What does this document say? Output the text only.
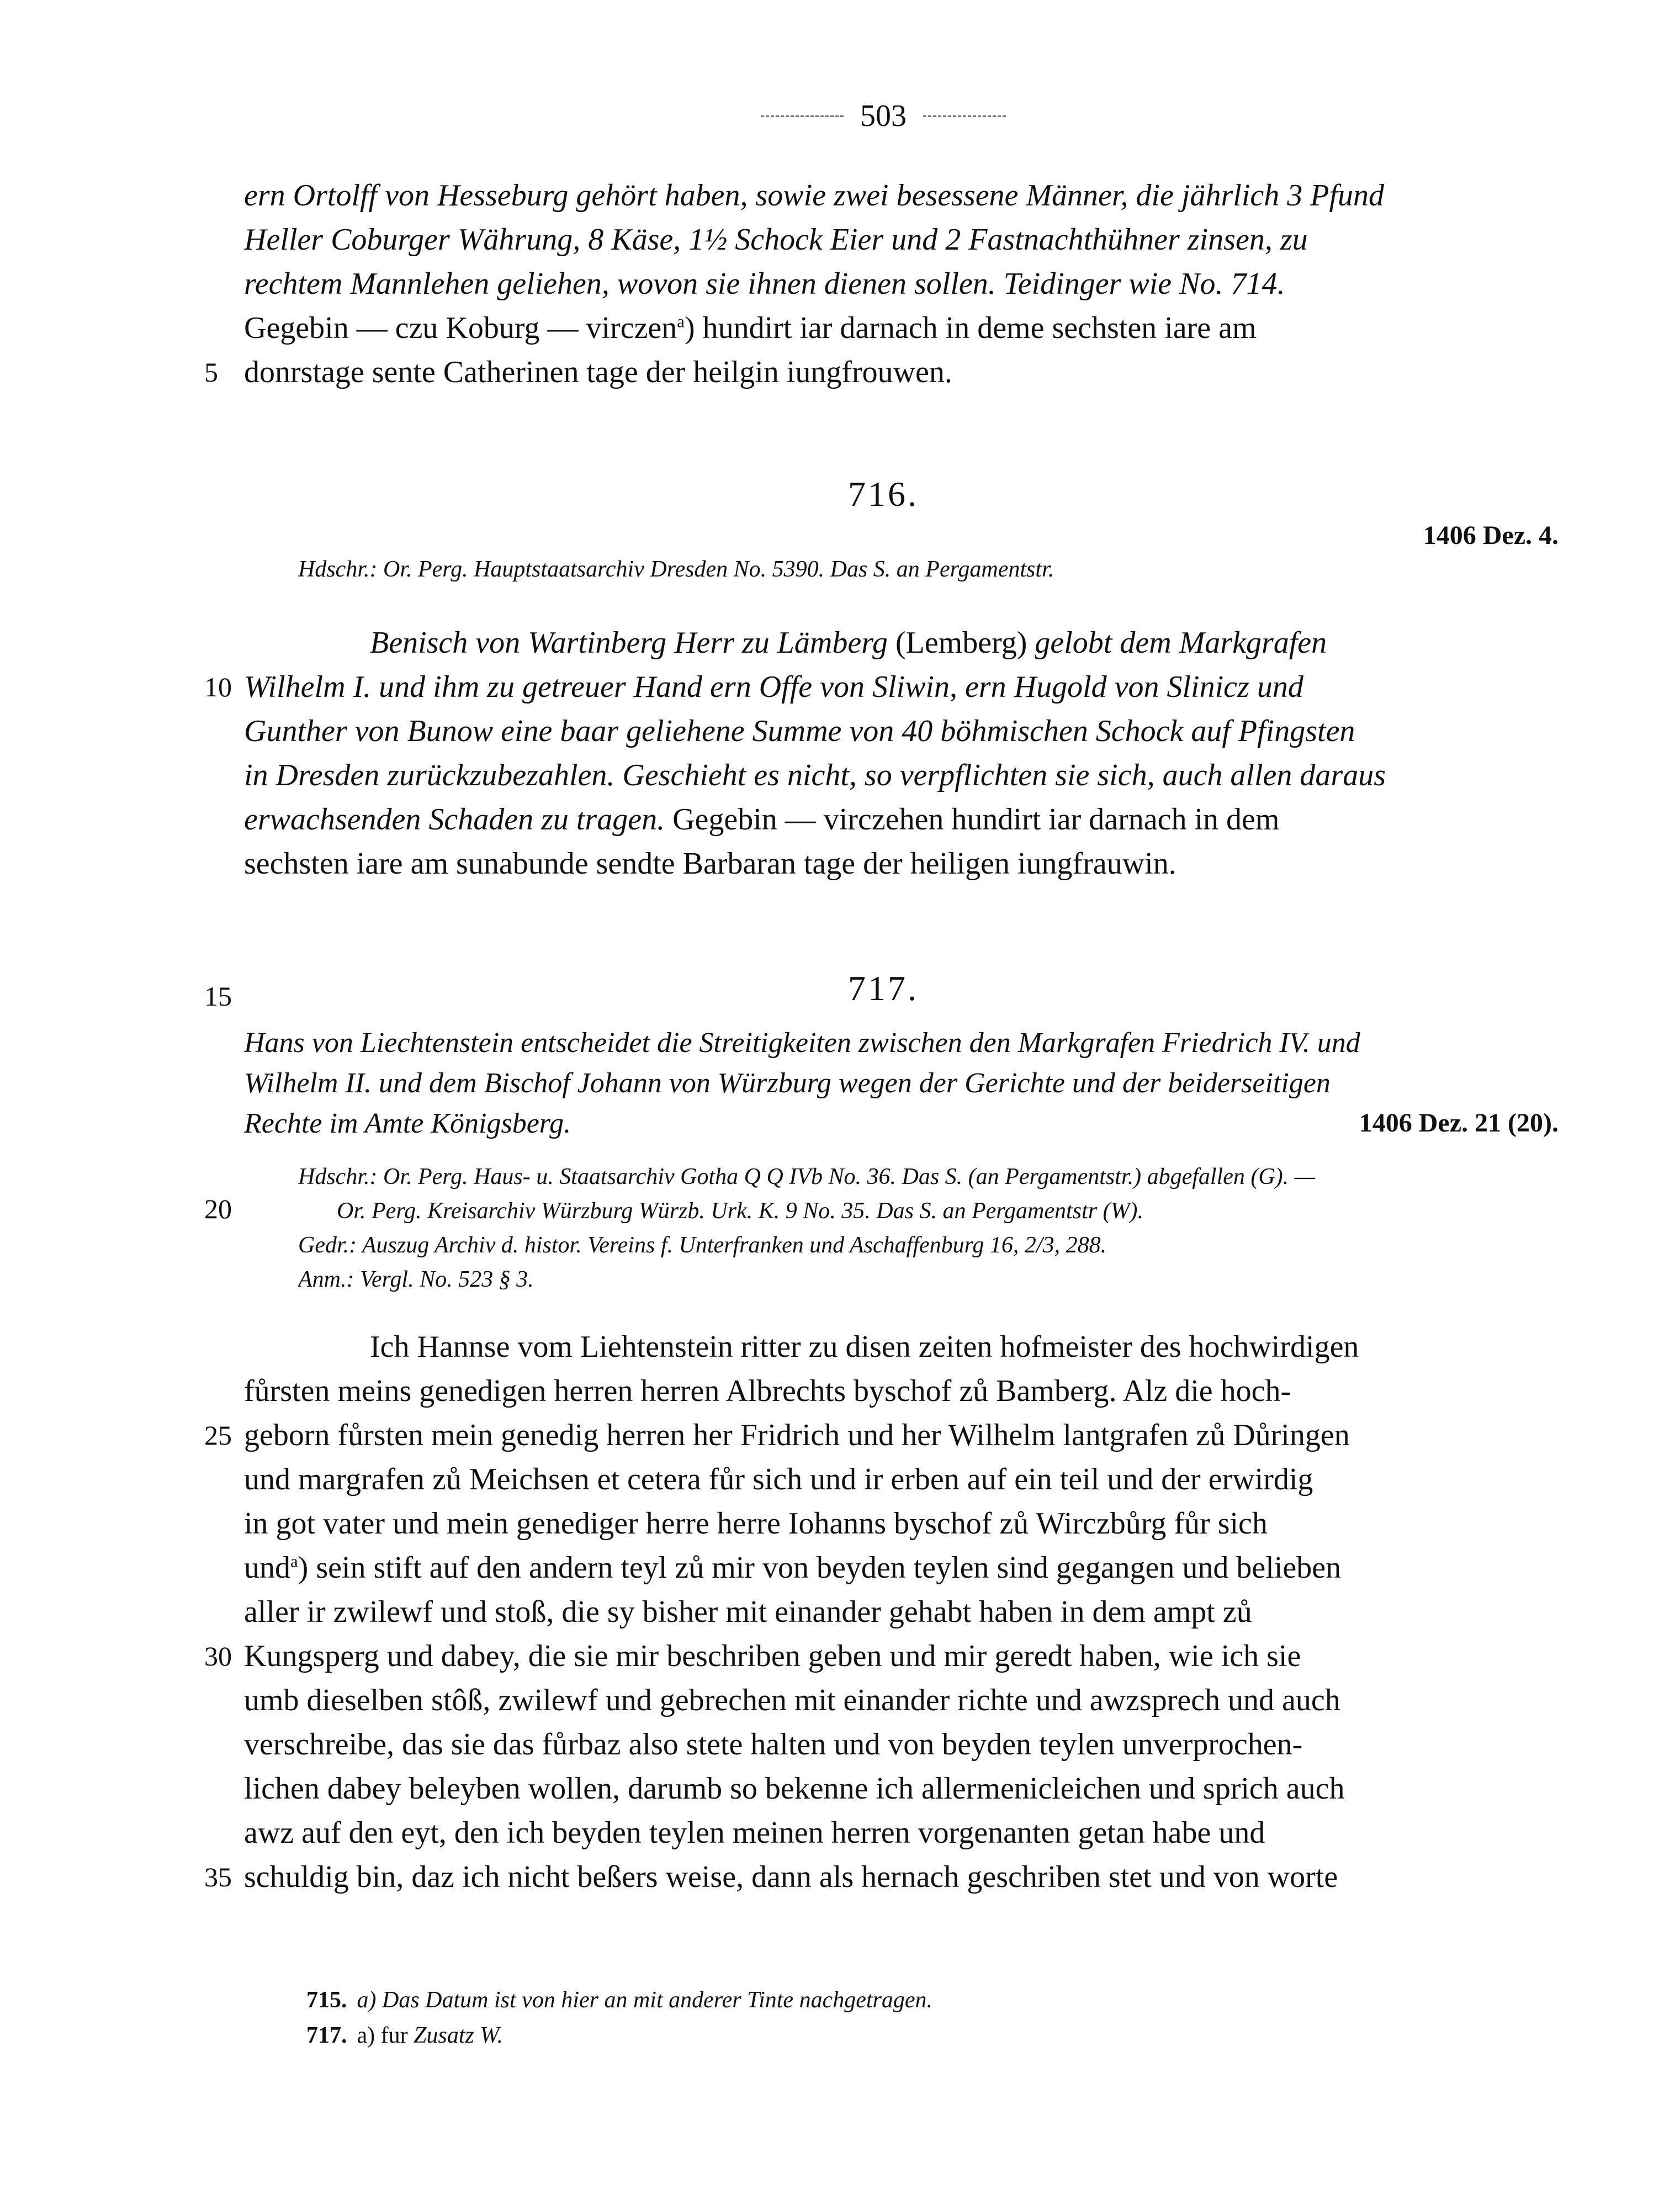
503
ern Ortolff von Hesseburg gehört haben, sowie zwei besessene Männer, die jährlich 3 Pfund
Heller Coburger Währung, 8 Käse, 1½ Schock Eier und 2 Fastnachthühner zinsen, zu
rechtem Mannlehen geliehen, wovon sie ihnen dienen sollen. Teidinger wie No. 714.
Gegebin — czu Koburg — virczen$^a$) hundirt iar darnach in deme sechsten iare am
5 donrstage sente Catherinen tage der heilgin iungfrouwen.
716.
1406 Dez. 4.
Hdschr.: Or. Perg. Hauptstaatsarchiv Dresden No. 5390. Das S. an Pergamentstr.
Benisch von Wartinberg Herr zu Lämberg (Lemberg) gelobt dem Markgrafen
10 Wilhelm I. und ihm zu getreuer Hand ern Offe von Sliwin, ern Hugold von Slinicz und
Gunther von Bunow eine baar geliehene Summe von 40 böhmischen Schock auf Pfingsten
in Dresden zurückzubezahlen. Geschieht es nicht, so verpflichten sie sich, auch allen daraus
erwachsenden Schaden zu tragen. Gegebin — virczehen hundirt iar darnach in dem
sechsten iare am sunabunde sendte Barbaran tage der heiligen iungfrauwin.
15	717.
Hans von Liechtenstein entscheidet die Streitigkeiten zwischen den Markgrafen Friedrich IV. und
Wilhelm II. und dem Bischof Johann von Würzburg wegen der Gerichte und der beiderseitigen
Rechte im Amte Königsberg.	1406 Dez. 21 (20).
Hdschr.: Or. Perg. Haus- u. Staatsarchiv Gotha Q Q IVb No. 36. Das S. (an Pergamentstr.) abgefallen (G). —
20	Or. Perg. Kreisarchiv Würzburg Würzb. Urk. K. 9 No. 35. Das S. an Pergamentstr (W).
Gedr.: Auszug Archiv d. histor. Vereins f. Unterfranken und Aschaffenburg 16, 2/3, 288.
Anm.: Vergl. No. 523 § 3.
Ich Hannse vom Liehtenstein ritter zu disen zeiten hofmeister des hochwirdigen
fůrsten meins genedigen herren herren Albrechts byschof zů Bamberg. Alz die hoch-
25 geborn fůrsten mein genedig herren her Fridrich und her Wilhelm lantgrafen zů Důringen
und margrafen zů Meichsen et cetera fůr sich und ir erben auf ein teil und der erwirdig
in got vater und mein genediger herre herre Iohanns byschof zů Wirczbůrg fůr sich
und$^a$) sein stift auf den andern teyl zů mir von beyden teylen sind gegangen und belieben
aller ir zwilewf und stoß, die sy bisher mit einander gehabt haben in dem ampt zů
30 Kungsperg und dabey, die sie mir beschriben geben und mir geredt haben, wie ich sie
umb dieselben stôß, zwilewf und gebrechen mit einander richte und awzsprech und auch
verschreibe, das sie das fůrbaz also stete halten und von beyden teylen unverprochen-
lichen dabey beleyben wollen, darumb so bekenne ich allermenicleichen und sprich auch
awz auf den eyt, den ich beyden teylen meinen herren vorgenanten getan habe und
35 schuldig bin, daz ich nicht beßers weise, dann als hernach geschriben stet und von worte
715. a) Das Datum ist von hier an mit anderer Tinte nachgetragen.
717. a) fur Zusatz W.
